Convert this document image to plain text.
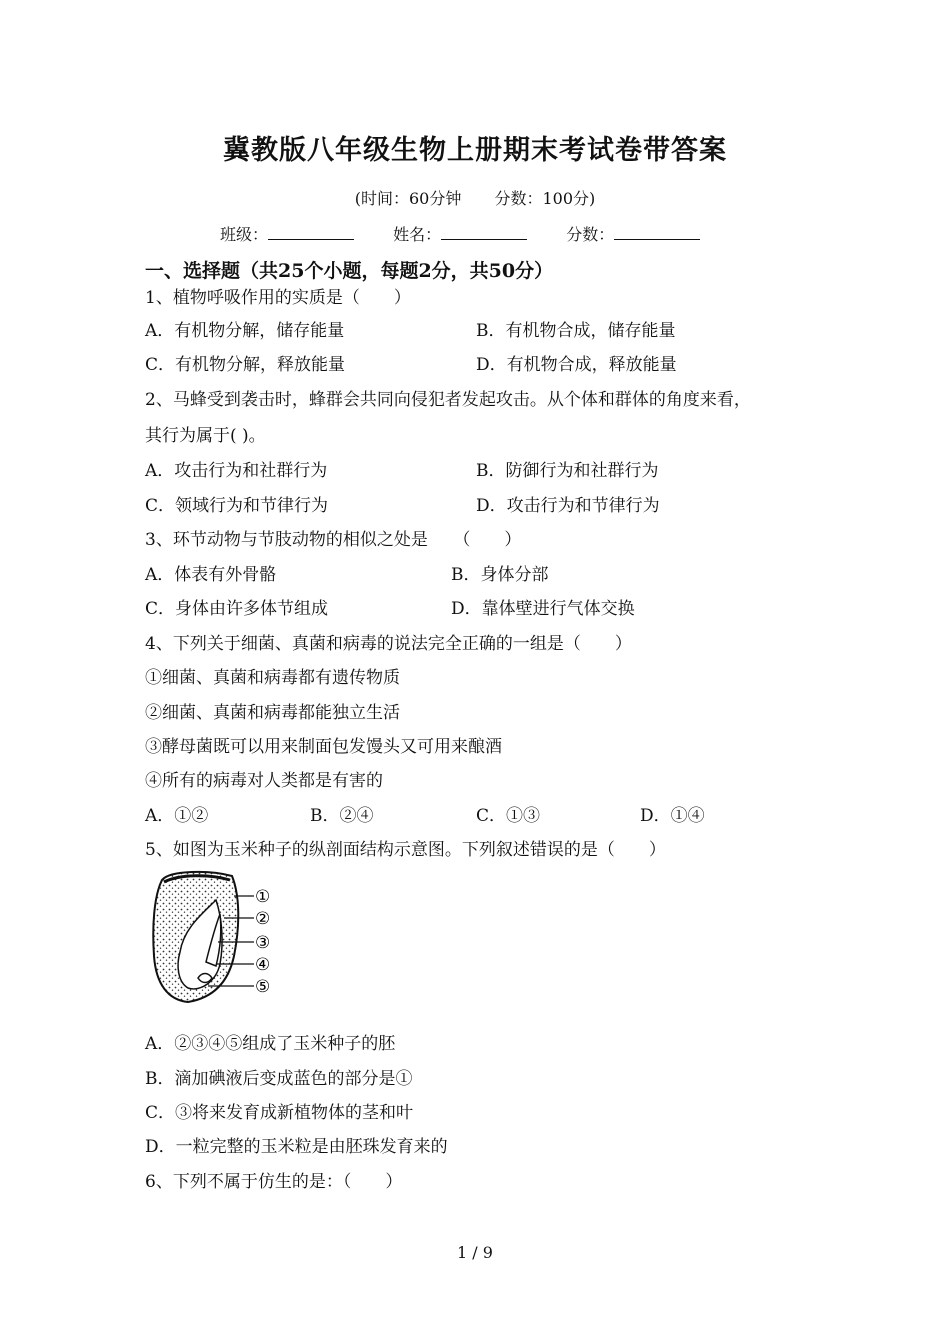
冀教版八年级生物上册期末考试卷带答案
(时间：60分钟 分数：100分)
班级：	姓名：	分数：
一、选择题（共25个小题，每题2分，共50分）
1、植物呼吸作用的实质是（　　）
A．有机物分解，储存能量	B．有机物合成，储存能量
C．有机物分解，释放能量	D．有机物合成，释放能量
2、马蜂受到袭击时，蜂群会共同向侵犯者发起攻击。从个体和群体的角度来看，
其行为属于( )。
A．攻击行为和社群行为	B．防御行为和社群行为
C．领域行为和节律行为	D．攻击行为和节律行为
3、环节动物与节肢动物的相似之处是　　（　　）
A．体表有外骨骼	B．身体分部
C．身体由许多体节组成	D．靠体壁进行气体交换
4、下列关于细菌、真菌和病毒的说法完全正确的一组是（　　）
①细菌、真菌和病毒都有遗传物质
②细菌、真菌和病毒都能独立生活
③酵母菌既可以用来制面包发馒头又可用来酿酒
④所有的病毒对人类都是有害的
A．①②	B．②④	C．①③	D．①④
5、如图为玉米种子的纵剖面结构示意图。下列叙述错误的是（　　）
①
②
③
④
⑤
A．②③④⑤组成了玉米种子的胚
B．滴加碘液后变成蓝色的部分是①
C．③将来发育成新植物体的茎和叶
D．一粒完整的玉米粒是由胚珠发育来的
6、下列不属于仿生的是：（　　）
1 / 9
